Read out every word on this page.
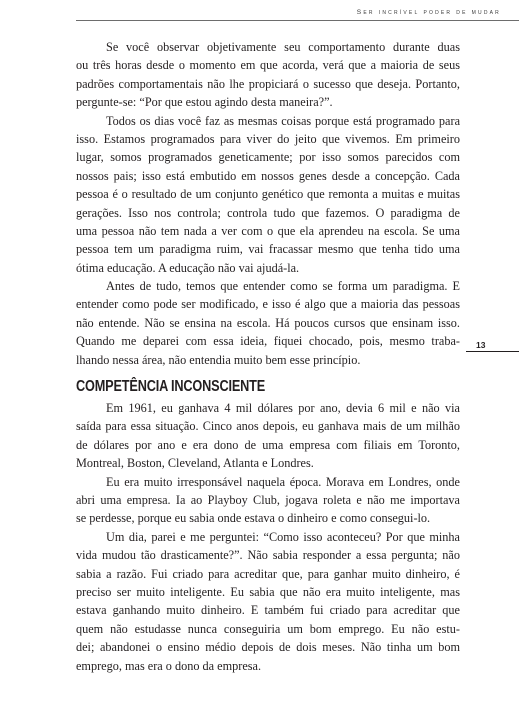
Ser incrível poder de mudar
Se você observar objetivamente seu comportamento durante duas
ou três horas desde o momento em que acorda, verá que a maioria de seus
padrões comportamentais não lhe propiciará o sucesso que deseja. Portanto,
pergunte-se: “Por que estou agindo desta maneira?”.
Todos os dias você faz as mesmas coisas porque está programado para
isso. Estamos programados para viver do jeito que vivemos. Em primeiro
lugar, somos programados geneticamente; por isso somos parecidos com
nossos pais; isso está embutido em nossos genes desde a concepção. Cada
pessoa é o resultado de um conjunto genético que remonta a muitas e muitas
gerações. Isso nos controla; controla tudo que fazemos. O paradigma de
uma pessoa não tem nada a ver com o que ela aprendeu na escola. Se uma
pessoa tem um paradigma ruim, vai fracassar mesmo que tenha tido uma
ótima educação. A educação não vai ajudá-la.
Antes de tudo, temos que entender como se forma um paradigma. E
entender como pode ser modificado, e isso é algo que a maioria das pessoas
não entende. Não se ensina na escola. Há poucos cursos que ensinam isso.
Quando me deparei com essa ideia, fiquei chocado, pois, mesmo traba-
lhando nessa área, não entendia muito bem esse princípio.
COMPETÊNCIA INCONSCIENTE
Em 1961, eu ganhava 4 mil dólares por ano, devia 6 mil e não via
saída para essa situação. Cinco anos depois, eu ganhava mais de um milhão
de dólares por ano e era dono de uma empresa com filiais em Toronto,
Montreal, Boston, Cleveland, Atlanta e Londres.
Eu era muito irresponsável naquela época. Morava em Londres, onde
abri uma empresa. Ia ao Playboy Club, jogava roleta e não me importava
se perdesse, porque eu sabia onde estava o dinheiro e como consegui-lo.
Um dia, parei e me perguntei: “Como isso aconteceu? Por que minha
vida mudou tão drasticamente?”. Não sabia responder a essa pergunta; não
sabia a razão. Fui criado para acreditar que, para ganhar muito dinheiro, é
preciso ser muito inteligente. Eu sabia que não era muito inteligente, mas
estava ganhando muito dinheiro. E também fui criado para acreditar que
quem não estudasse nunca conseguiria um bom emprego. Eu não estu-
dei; abandonei o ensino médio depois de dois meses. Não tinha um bom
emprego, mas era o dono da empresa.
13
